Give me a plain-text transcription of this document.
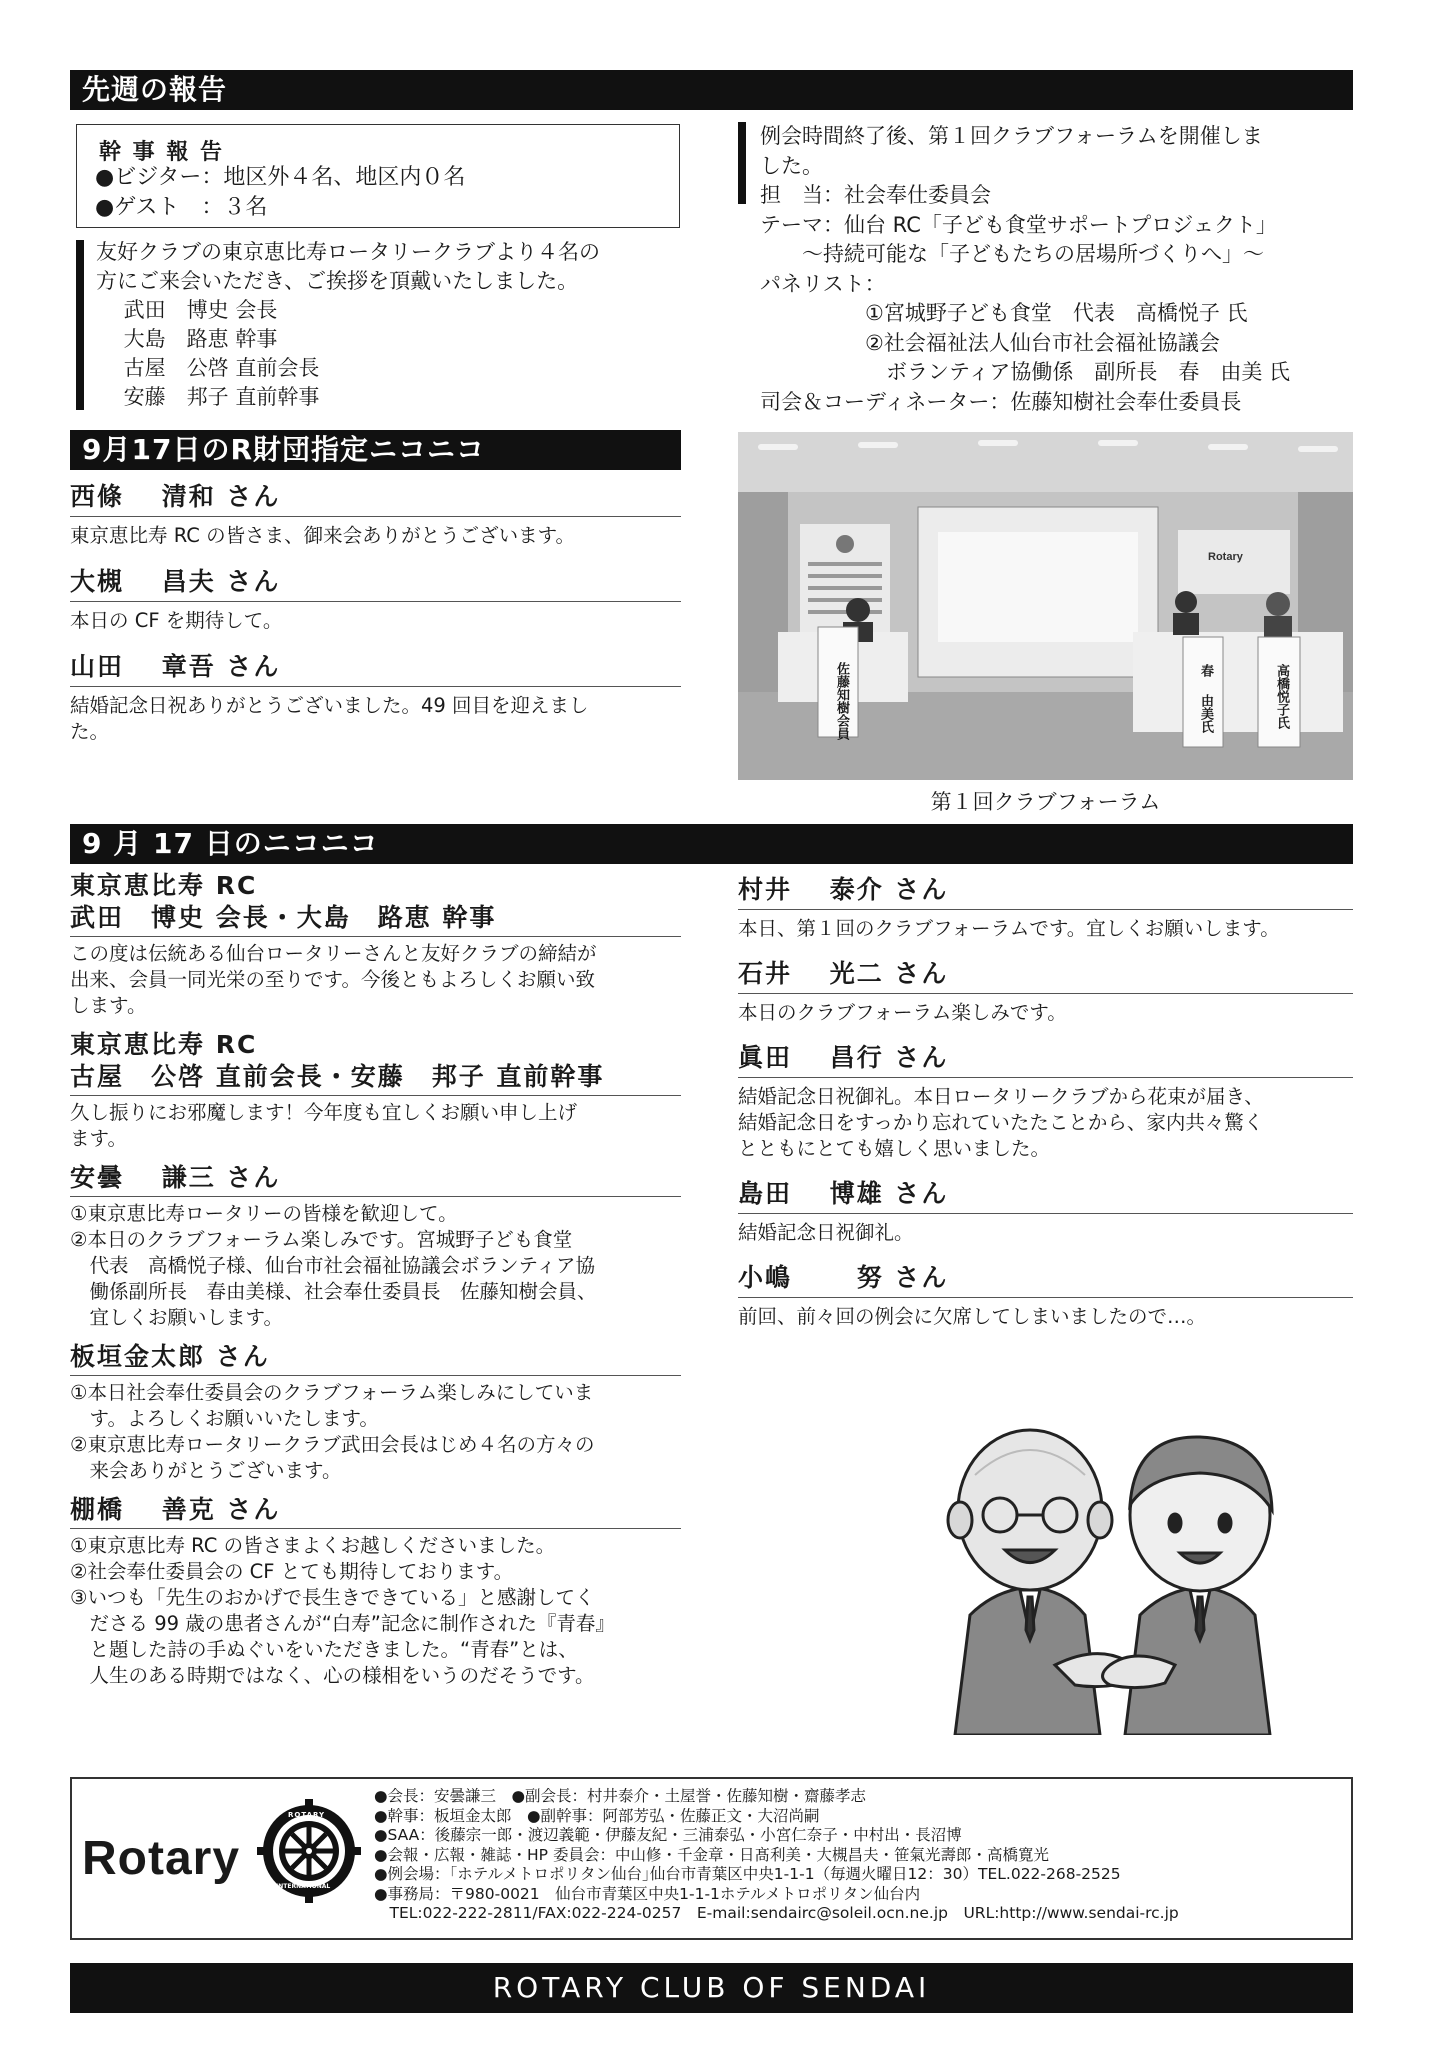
先週の報告
幹 事 報 告
●ビジター：地区外４名、地区内０名
●ゲスト　：３名
友好クラブの東京恵比寿ロータリークラブより４名の
方にご来会いただき、ご挨拶を頂戴いたしました。
　 武田　博史 会長
　 大島　路恵 幹事
　 古屋　公啓 直前会長
　 安藤　邦子 直前幹事
例会時間終了後、第１回クラブフォーラムを開催しま
した。
担　当：社会奉仕委員会
テーマ：仙台 RC「子ども食堂サポートプロジェクト」
　　～持続可能な「子どもたちの居場所づくりへ」～
パネリスト：
　　　　　①宮城野子ども食堂　代表　高橋悦子 氏
　　　　　②社会福祉法人仙台市社会福祉協議会
　　　　　　ボランティア協働係　副所長　春　由美 氏
司会＆コーディネーター：佐藤知樹社会奉仕委員長
Rotary
佐藤知樹会員	春
由美氏	高橋悦子氏
第１回クラブフォーラム
9月17日のR財団指定ニコニコ
西條　 清和 さん
東京恵比寿 RC の皆さま、御来会ありがとうございます。
大槻　 昌夫 さん
本日の CF を期待して。
山田　 章吾 さん
結婚記念日祝ありがとうございました。49 回目を迎えまし
た。
9 月 17 日のニコニコ
東京恵比寿 RC
武田　博史 会長・大島　路恵 幹事
この度は伝統ある仙台ロータリーさんと友好クラブの締結が
出来、会員一同光栄の至りです。今後ともよろしくお願い致
します。
東京恵比寿 RC
古屋　公啓 直前会長・安藤　邦子 直前幹事
久し振りにお邪魔します！今年度も宜しくお願い申し上げ
ます。
安曇　 謙三 さん
①東京恵比寿ロータリーの皆様を歓迎して。
②本日のクラブフォーラム楽しみです。宮城野子ども食堂
　代表　高橋悦子様、仙台市社会福祉協議会ボランティア協
　働係副所長　春由美様、社会奉仕委員長　佐藤知樹会員、
　宜しくお願いします。
板垣金太郎 さん
①本日社会奉仕委員会のクラブフォーラム楽しみにしていま
　す。よろしくお願いいたします。
②東京恵比寿ロータリークラブ武田会長はじめ４名の方々の
　来会ありがとうございます。
棚橋　 善克 さん
①東京恵比寿 RC の皆さまよくお越しくださいました。
②社会奉仕委員会の CF とても期待しております。
③いつも「先生のおかげで長生きできている」と感謝してく
　ださる 99 歳の患者さんが“白寿”記念に制作された『青春』
　と題した詩の手ぬぐいをいただきました。“青春”とは、
　人生のある時期ではなく、心の様相をいうのだそうです。
村井　 泰介 さん
本日、第１回のクラブフォーラムです。宜しくお願いします。
石井　 光二 さん
本日のクラブフォーラム楽しみです。
眞田　 昌行 さん
結婚記念日祝御礼。本日ロータリークラブから花束が届き、
結婚記念日をすっかり忘れていたたことから、家内共々驚く
とともにとても嬉しく思いました。
島田　 博雄 さん
結婚記念日祝御礼。
小嶋　　 努 さん
前回、前々回の例会に欠席してしまいましたので…。
Rotary
ROTARY
INTERNATIONAL
●会長：安曇謙三　●副会長：村井泰介・土屋誉・佐藤知樹・齋藤孝志
●幹事：板垣金太郎　●副幹事：阿部芳弘・佐藤正文・大沼尚嗣
●SAA：後藤宗一郎・渡辺義範・伊藤友紀・三浦泰弘・小宮仁奈子・中村出・長沼博
●会報・広報・雑誌・HP 委員会：中山修・千金章・日髙利美・大槻昌夫・笹氣光壽郎・高橋寛光
●例会場：｢ホテルメトロポリタン仙台｣仙台市青葉区中央1-1-1（毎週火曜日12：30）TEL.022-268-2525
●事務局：〒980-0021　仙台市青葉区中央1-1-1ホテルメトロポリタン仙台内
　TEL:022-222-2811/FAX:022-224-0257　E-mail:sendairc@soleil.ocn.ne.jp　URL:http://www.sendai-rc.jp
ROTARY CLUB OF SENDAI
